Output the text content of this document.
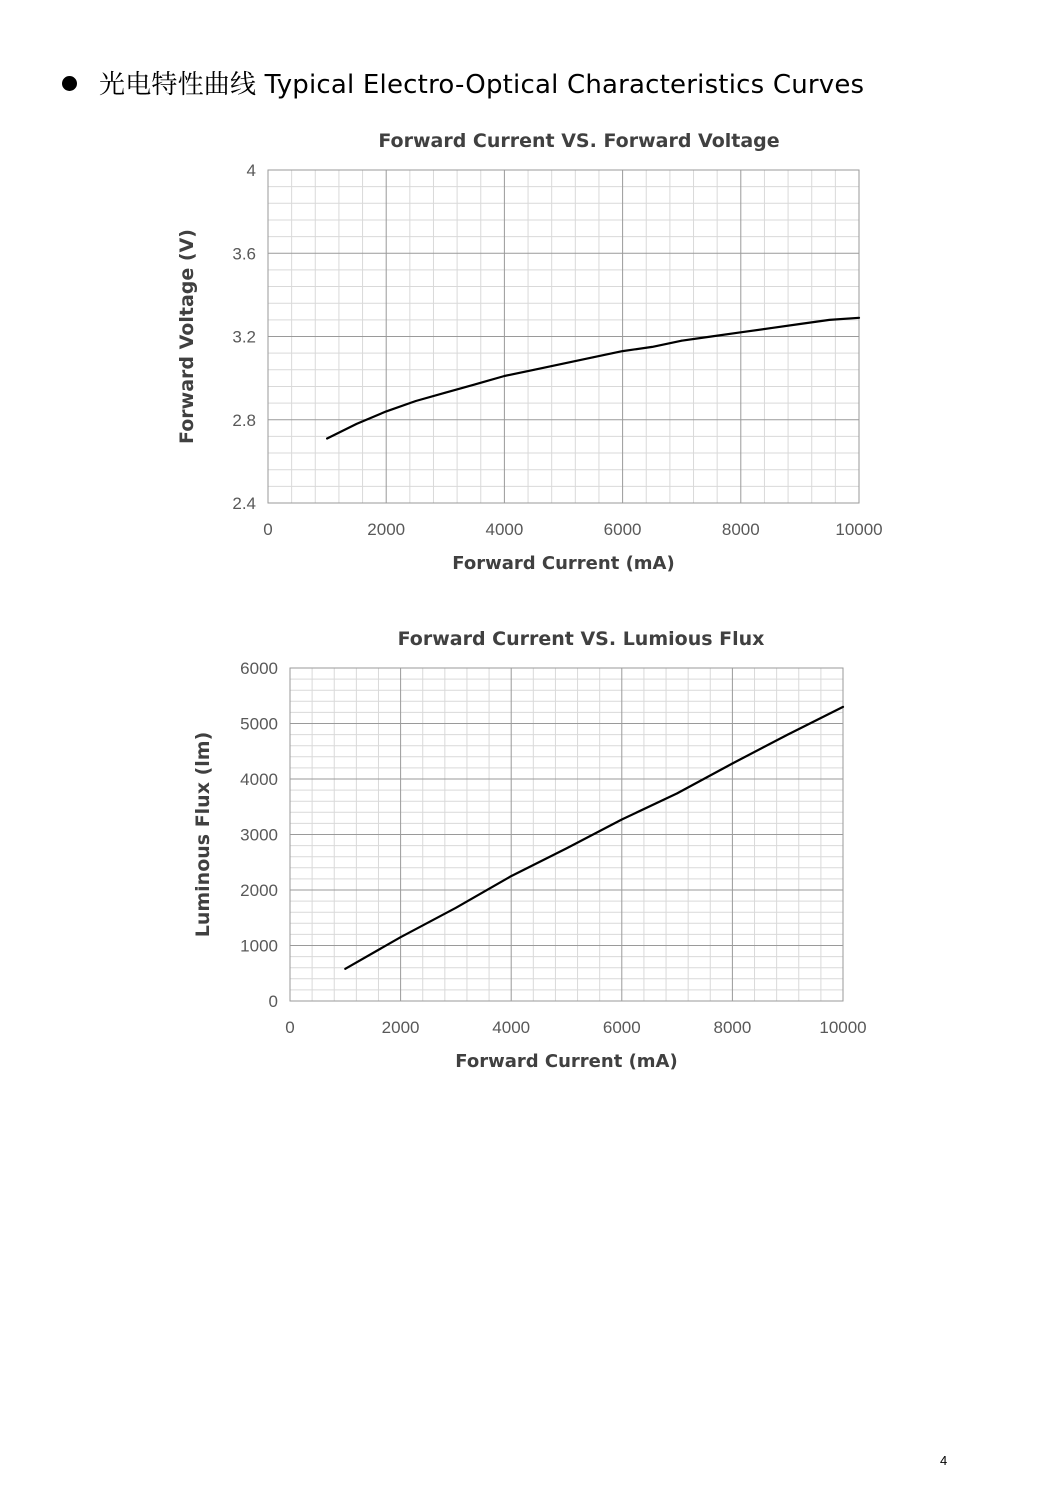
光电特性曲线 Typical Electro-Optical Characteristics Curves
0	2000	4000	6000	8000	10000
2.4
2.8
3.2
3.6
4
Forward Current VS. Forward Voltage
Forward Current (mA)
Forward Voltage (V)
0	2000	4000	6000	8000	10000
0
1000
2000
3000
4000
5000
6000
Forward Current VS. Lumious Flux
Forward Current (mA)
Luminous Flux (lm)
4
